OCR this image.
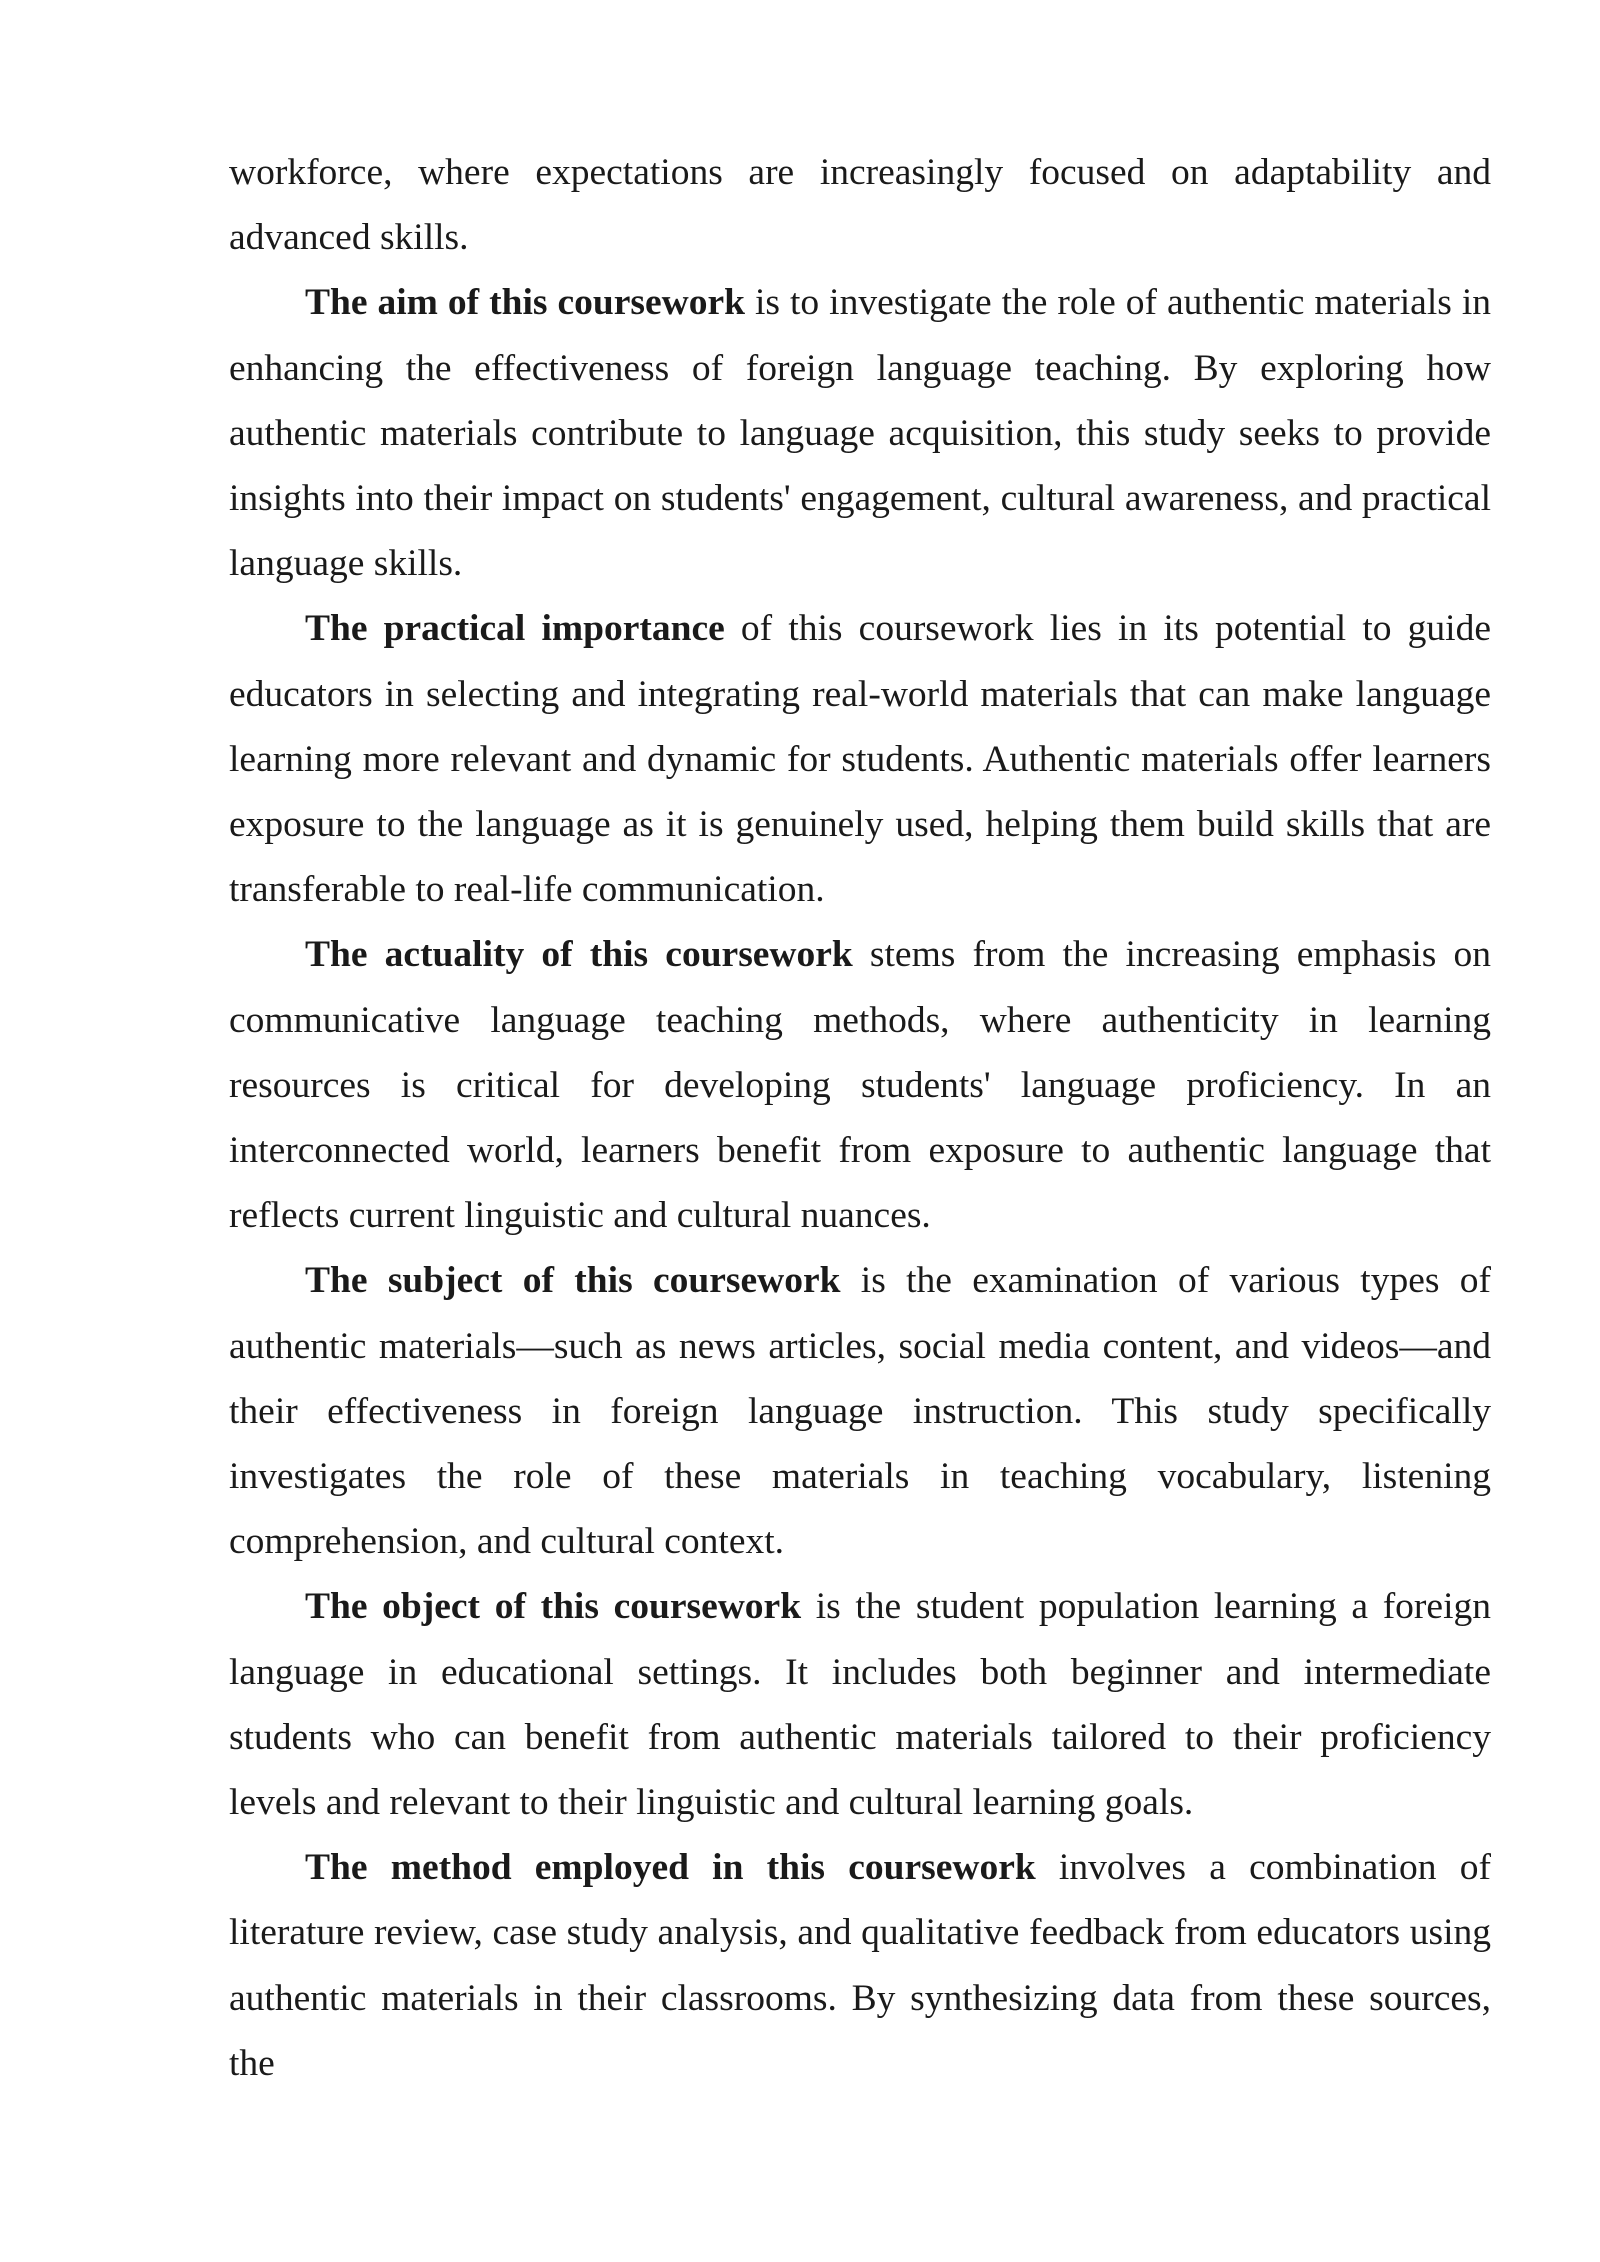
workforce, where expectations are increasingly focused on adaptability and advanced skills.

The aim of this coursework is to investigate the role of authentic materials in enhancing the effectiveness of foreign language teaching. By exploring how authentic materials contribute to language acquisition, this study seeks to provide insights into their impact on students' engagement, cultural awareness, and practical language skills.

The practical importance of this coursework lies in its potential to guide educators in selecting and integrating real-world materials that can make language learning more relevant and dynamic for students. Authentic materials offer learners exposure to the language as it is genuinely used, helping them build skills that are transferable to real-life communication.

The actuality of this coursework stems from the increasing emphasis on communicative language teaching methods, where authenticity in learning resources is critical for developing students' language proficiency. In an interconnected world, learners benefit from exposure to authentic language that reflects current linguistic and cultural nuances.

The subject of this coursework is the examination of various types of authentic materials—such as news articles, social media content, and videos—and their effectiveness in foreign language instruction. This study specifically investigates the role of these materials in teaching vocabulary, listening comprehension, and cultural context.

The object of this coursework is the student population learning a foreign language in educational settings. It includes both beginner and intermediate students who can benefit from authentic materials tailored to their proficiency levels and relevant to their linguistic and cultural learning goals.

The method employed in this coursework involves a combination of literature review, case study analysis, and qualitative feedback from educators using authentic materials in their classrooms. By synthesizing data from these sources, the
